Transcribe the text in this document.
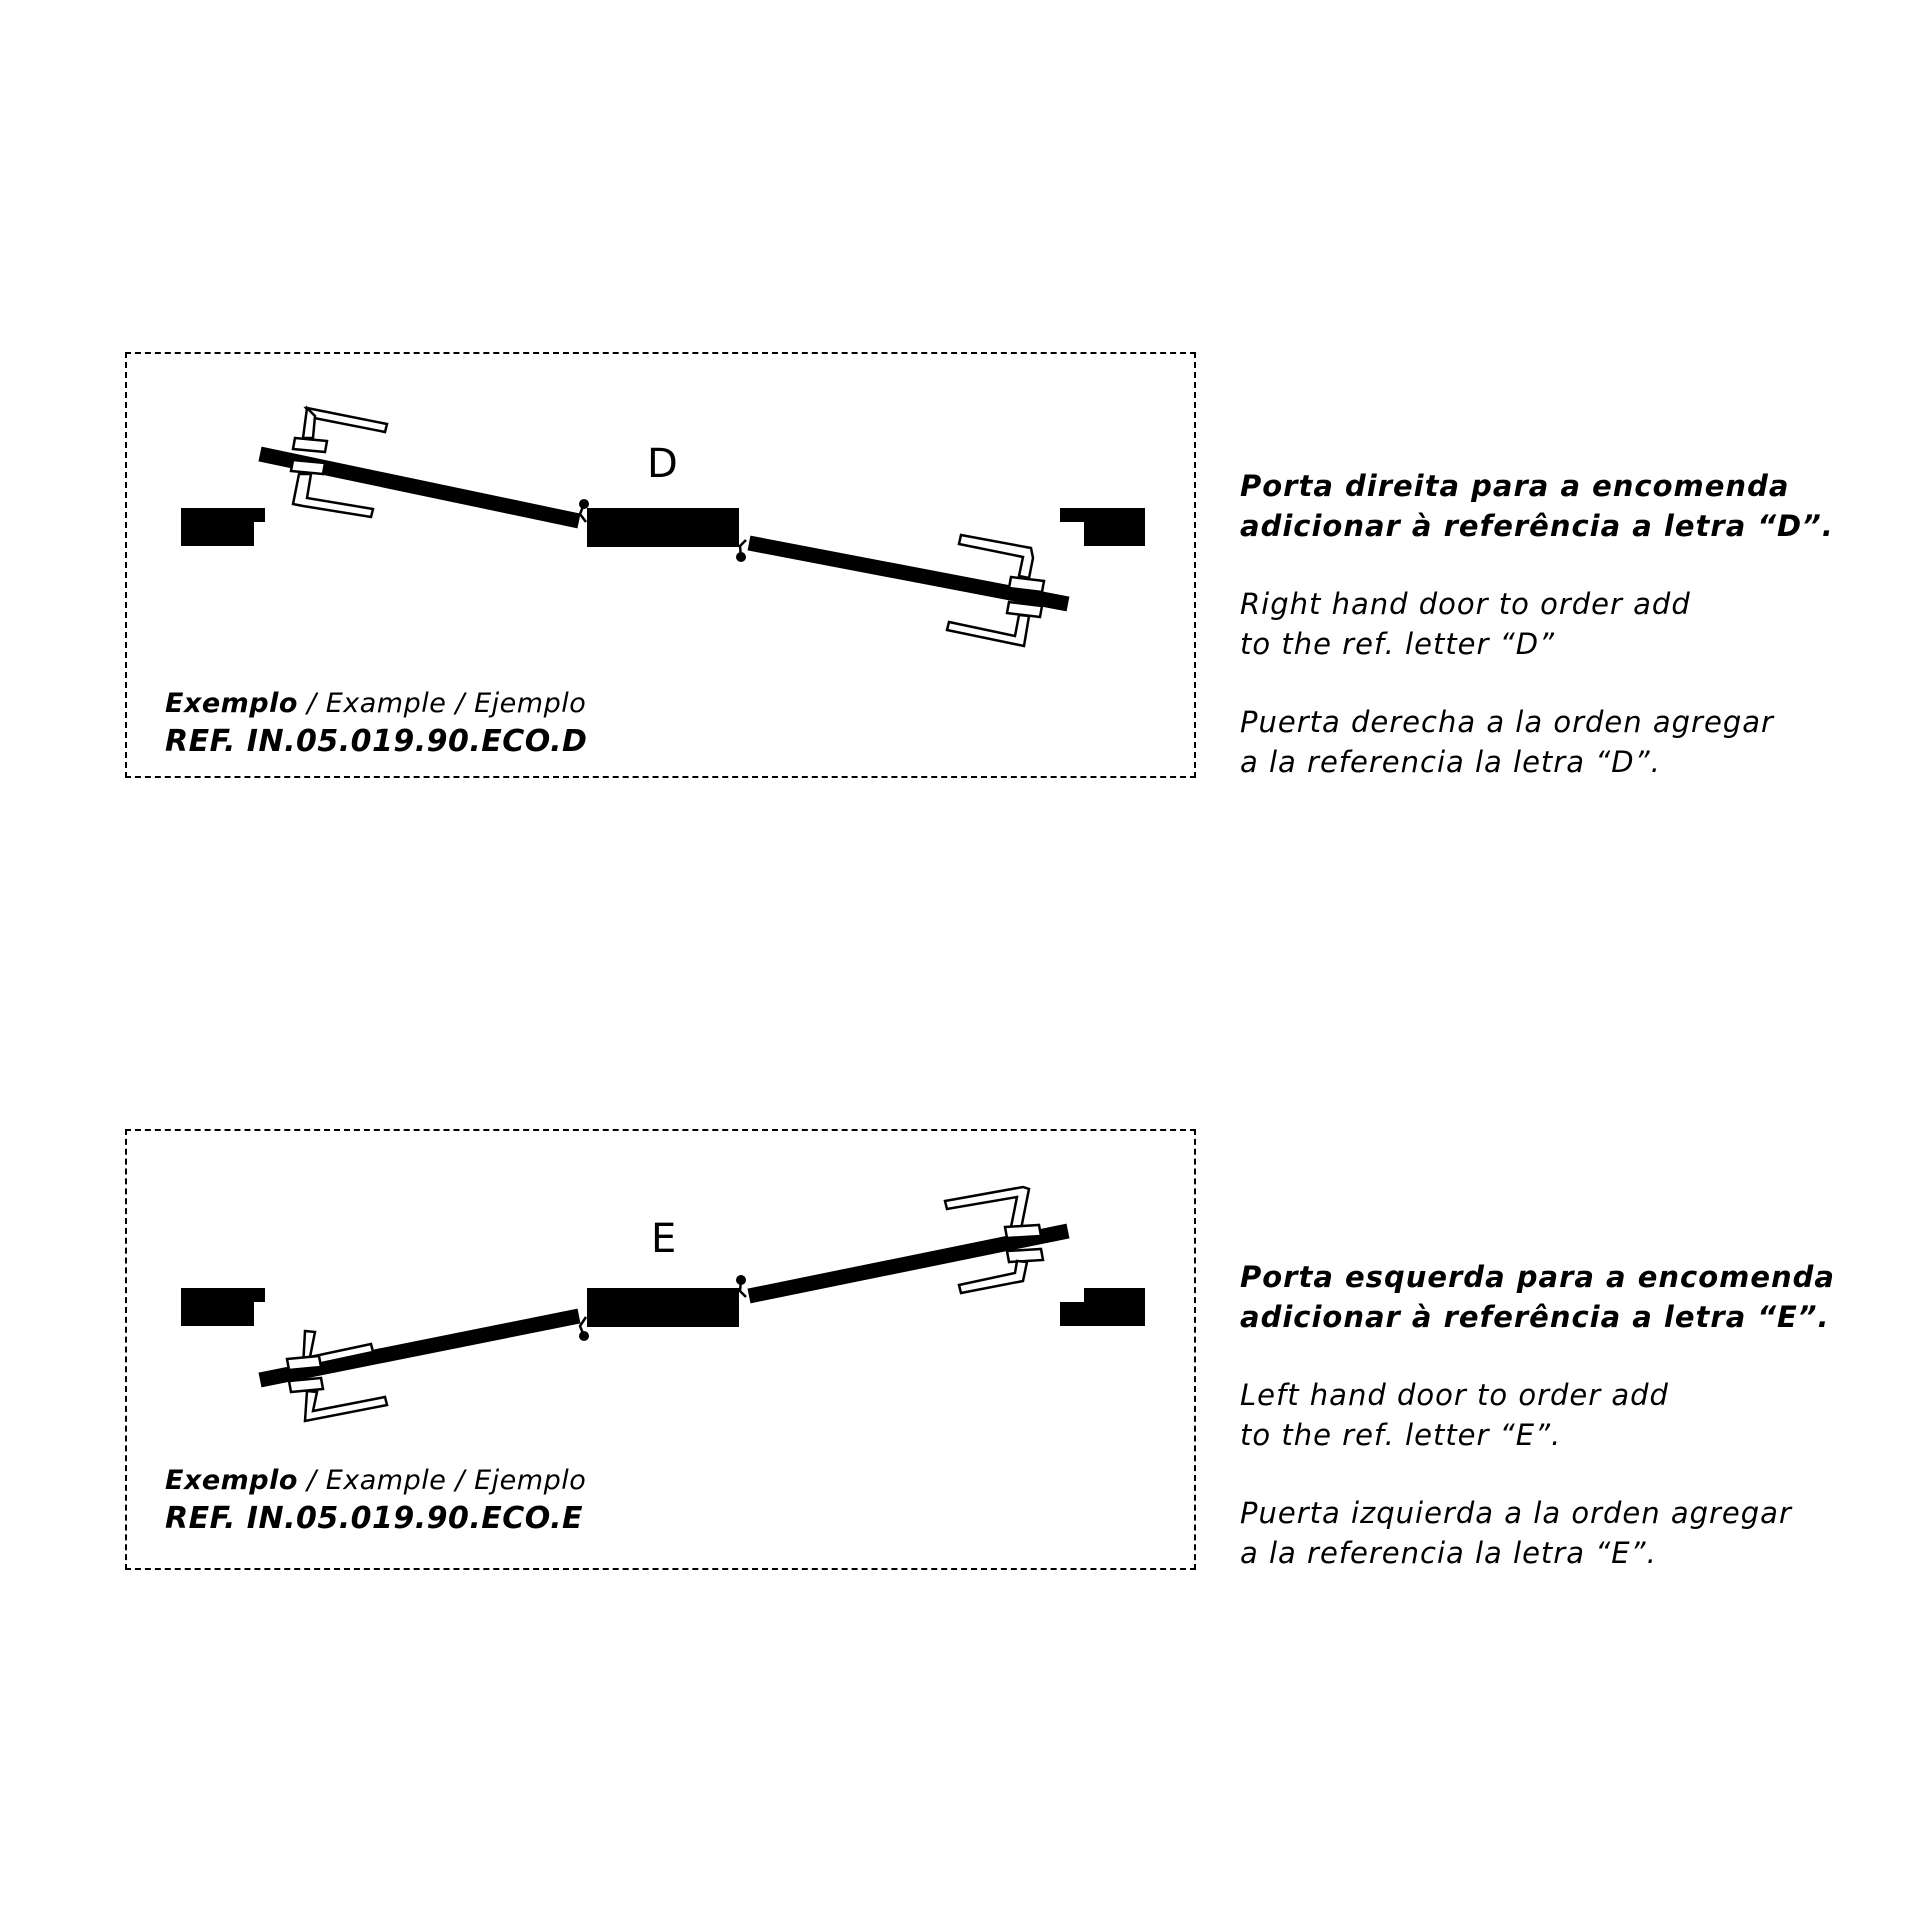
D
Exemplo / Example / Ejemplo
REF. IN.05.019.90.ECO.D

Porta direita para a encomenda
adicionar à referência a letra “D”.

Right hand door to order add
to the ref. letter “D”

Puerta derecha a la orden agregar
a la referencia la letra “D”.

E
Exemplo / Example / Ejemplo
REF. IN.05.019.90.ECO.E

Porta esquerda para a encomenda
adicionar à referência a letra “E”.

Left hand door to order add
to the ref. letter “E”.

Puerta izquierda a la orden agregar
a la referencia la letra “E”.
